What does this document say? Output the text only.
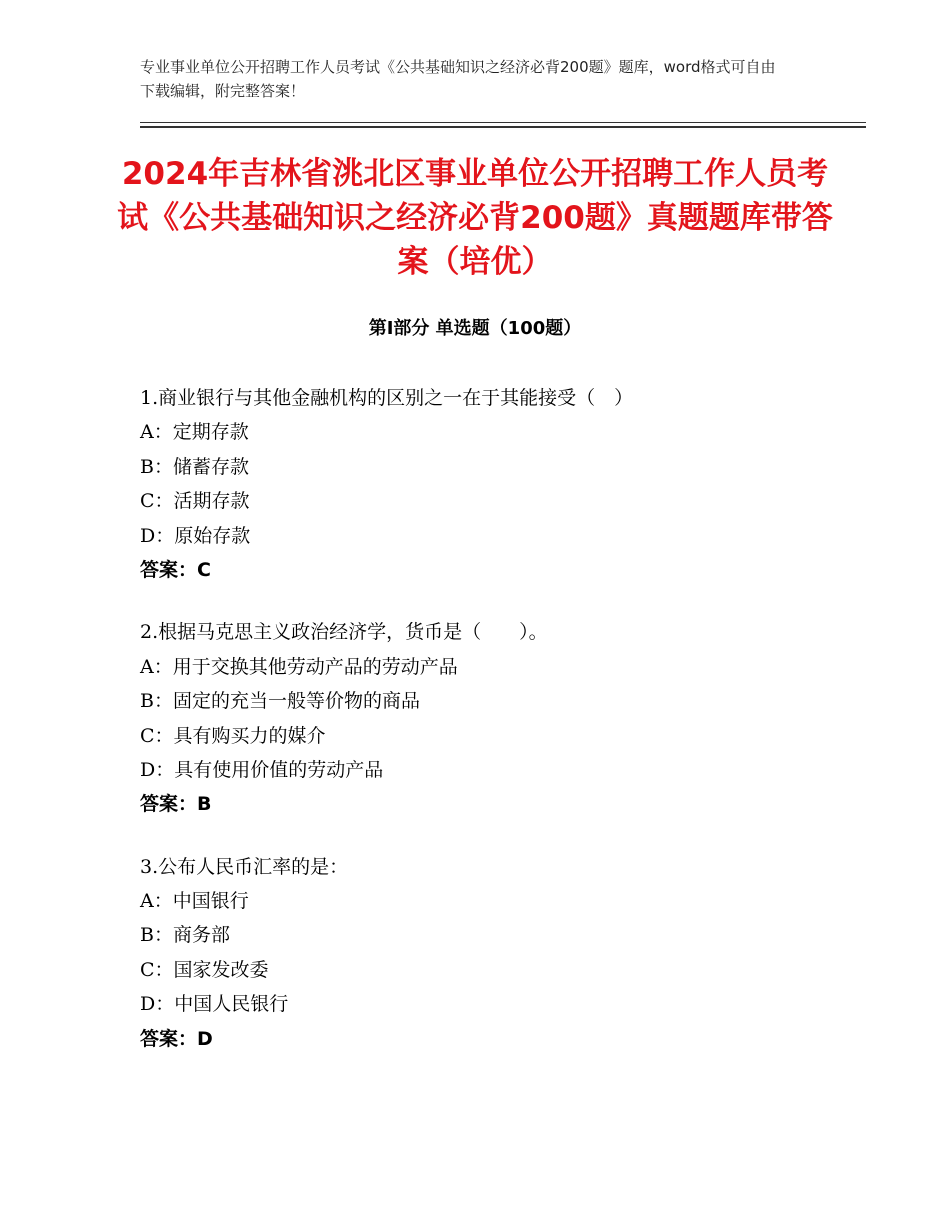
专业事业单位公开招聘工作人员考试《公共基础知识之经济必背200题》题库，word格式可自由下载编辑，附完整答案！
2024年吉林省洮北区事业单位公开招聘工作人员考试《公共基础知识之经济必背200题》真题题库带答案（培优）
第Ⅰ部分 单选题（100题）
1.商业银行与其他金融机构的区别之一在于其能接受（　）
A：定期存款
B：储蓄存款
C：活期存款
D：原始存款
答案：C
2.根据马克思主义政治经济学，货币是（　　）。
A：用于交换其他劳动产品的劳动产品
B：固定的充当一般等价物的商品
C：具有购买力的媒介
D：具有使用价值的劳动产品
答案：B
3.公布人民币汇率的是：
A：中国银行
B：商务部
C：国家发改委
D：中国人民银行
答案：D
